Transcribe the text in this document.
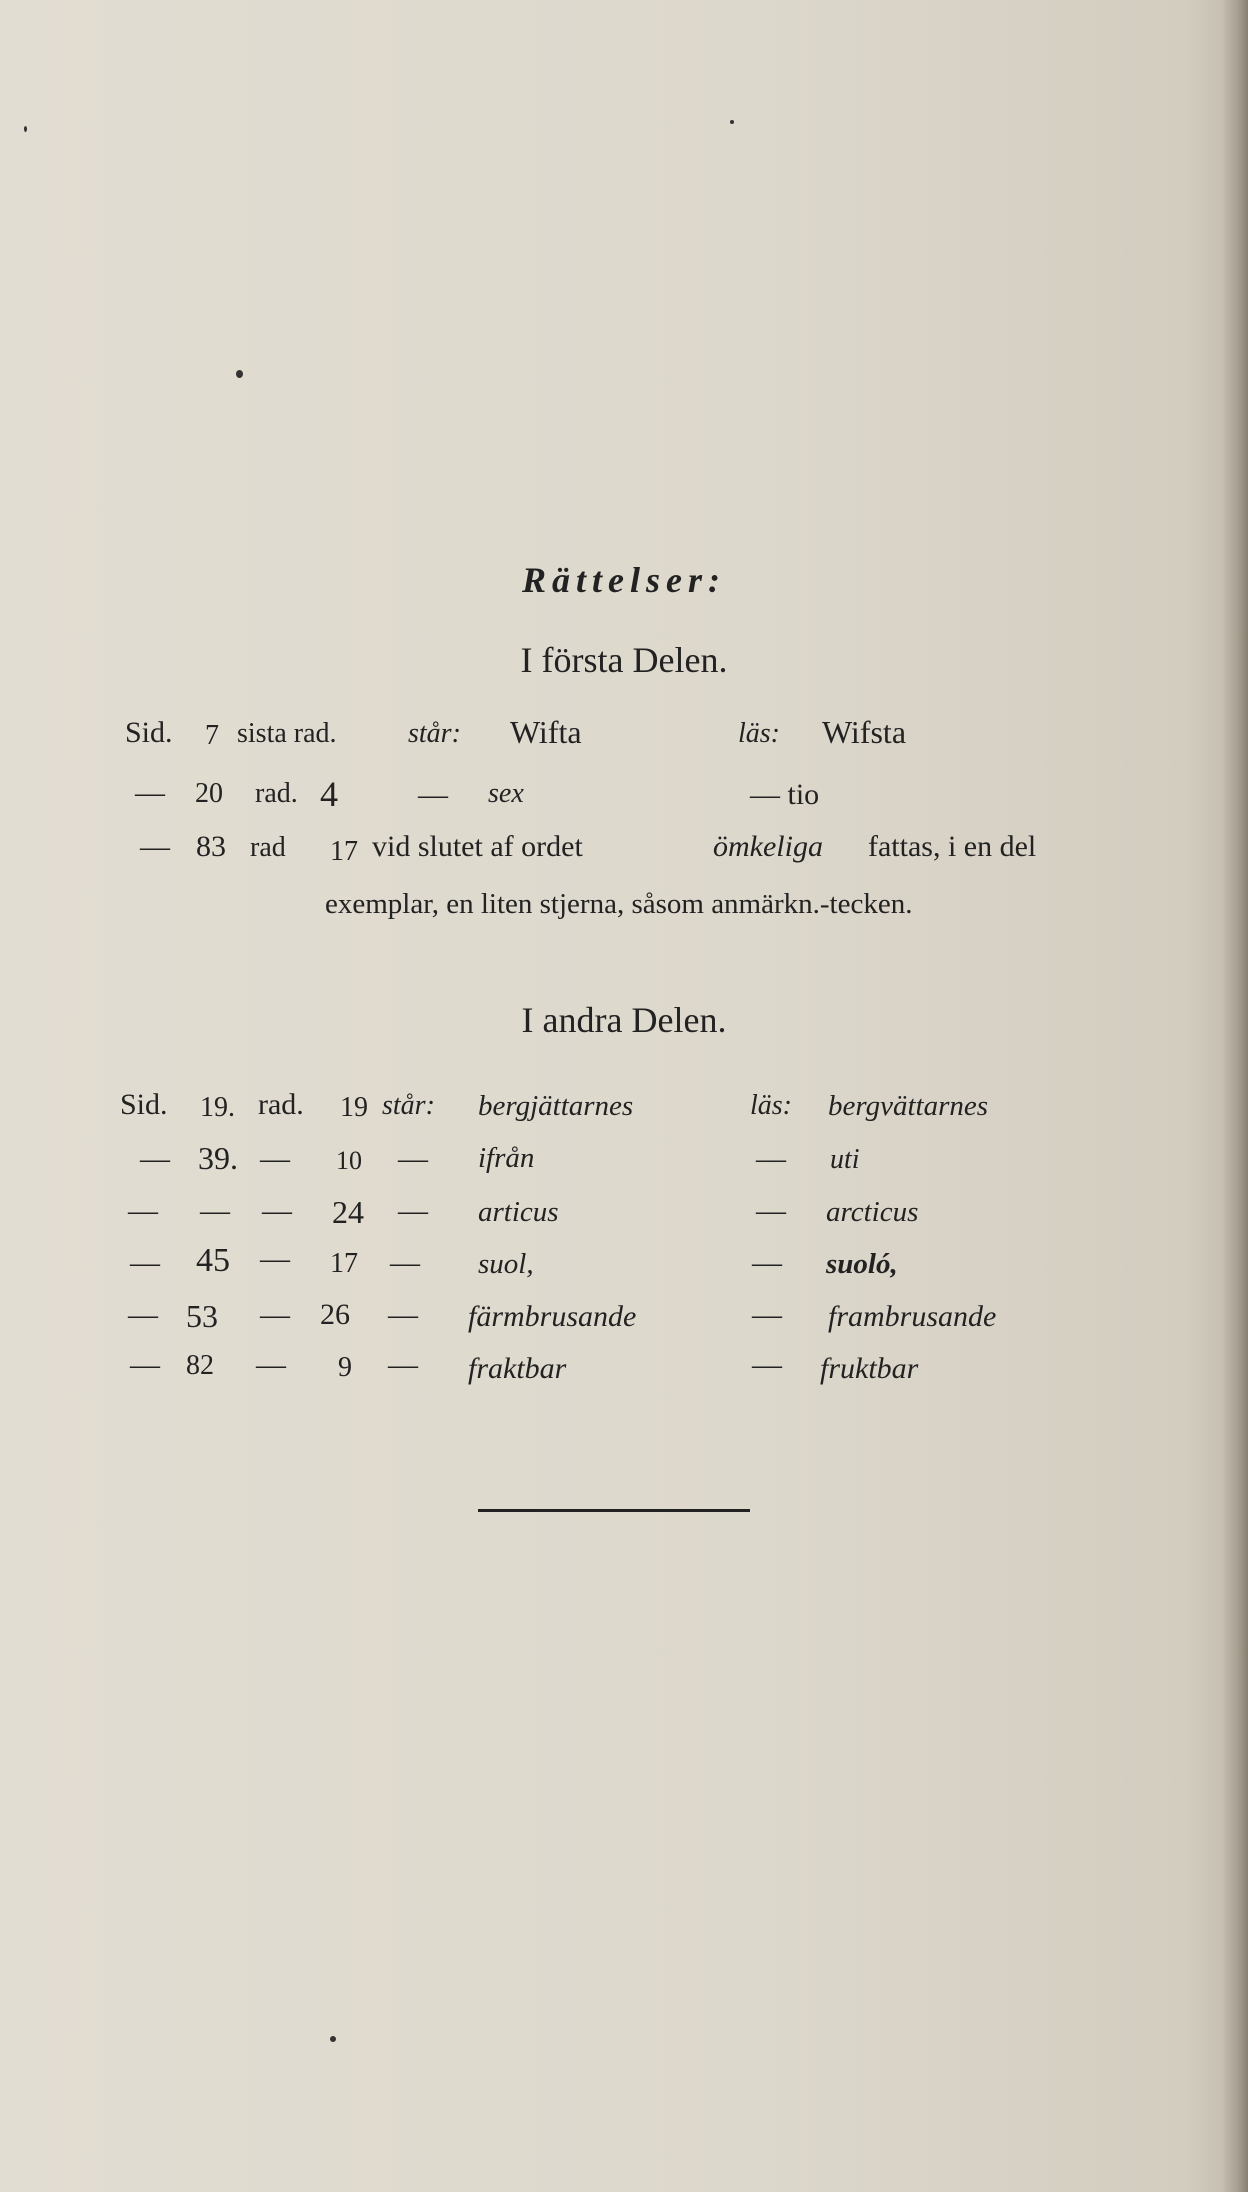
Rättelser:
I första Delen.
Sid. 7 sista rad.	står: Wifta	läs: Wifsta
— 20 rad. 4	— sex	— tio
— 83 rad 17 vid slutet af ordet	ömkeliga fattas, i en del
exemplar, en liten stjerna, såsom anmärkn.-tecken.
I andra Delen.
Sid. 19. rad. 19 står: bergjättarnes	läs: bergvättarnes
— 39. — 10 — ifrån	— uti
— — — 24 — articus	— arcticus
— 45 — 17 — suol,	— suoló,
— 53 — 26 — färmbrusande	— frambrusande
— 82 — 9 — fraktbar	— fruktbar
